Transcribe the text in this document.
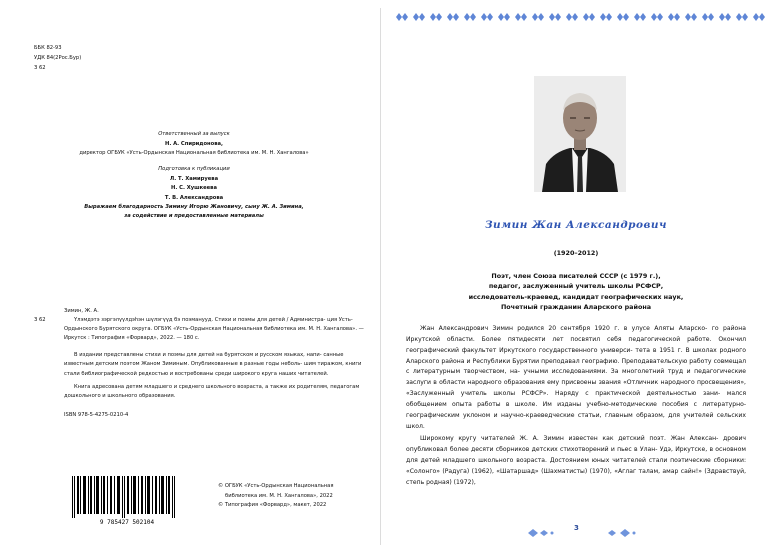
ББК 82-93
УДК 84(2Рос.Бур)
З 62
Ответственный за выпуск
Н. А. Спиридонова,
директор ОГБУК «Усть-Ордынская Национальная библиотека им. М. Н. Хангалова»
Подготовка к публикации
Л. Т. Хамируева
Н. С. Хушкеева
Т. В. Александрова
Выражаем благодарность Зимину Игорю Жановичу, сыну Ж. А. Зимина,
за содействие и предоставленные материалы
Зимин, Ж. А.
З 62	Үлэмдэтэ зэргэлүүлдэһэн шүлэгүүд бэ поэманууд. Стихи и поэмы для детей / Администра- ция Усть-Ордынского Бурятского округа. ОГБУК «Усть-Ордынская Национальная библиотека им. М. Н. Хангалова». — Иркутск : Типография «Форвард», 2022. — 180 с.

В издании представлены стихи и поэмы для детей на бурятском и русском языках, напи- санные известным детским поэтом Жаном Зиминым. Опубликованные в разные годы неболь- шим тиражом, книги стали библиографической редкостью и востребованы среди широкого круга наших читателей.

Книга адресована детям младшего и среднего школьного возраста, а также их родителям, педагогам дошкольного и школьного образования.

ISBN 978-5-4275-0210-4
9 785427 502104
© ОГБУК «Усть-Ордынская Национальная
библиотека им. М. Н. Хангалова», 2022
© Типография «Форвард», макет, 2022
Зимин Жан Александрович
(1920–2012)
Поэт, член Союза писателей СССР (с 1979 г.),
педагог, заслуженный учитель школы РСФСР,
исследователь-краевед, кандидат географических наук,
Почетный гражданин Аларского района

Жан Александрович Зимин родился 20 сентября 1920 г. в улусе Аляты Аларско- го района Иркутской области. Более пятидесяти лет посвятил себя педагогической работе. Окончил географический факультет Иркутского государственного универси- тета в 1951 г. В школах родного Аларского района и Республики Бурятии преподавал географию. Преподавательскую работу совмещал с литературным творчеством, на- учными исследованиями. За многолетний труд и педагогические заслуги в области народного образования ему присвоены звания «Отличник народного просвещения», «Заслуженный учитель школы РСФСР». Наряду с практической деятельностью зани- мался обобщением опыта работы в школе. Им изданы учебно-методические пособия с литературно-географическим уклоном и научно-краеведческие статьи, главным образом, для учителей сельских школ.

Широкому кругу читателей Ж. А. Зимин известен как детский поэт. Жан Алексан- дрович опубликовал более десяти сборников детских стихотворений и пьес в Улан- Удэ, Иркутске, в основном для детей младшего школьного возраста. Достоянием юных читателей стали поэтические сборники: «Солонго» (Радуга) (1962), «Шатаршад» (Шахматисты) (1970), «Аглаг талам, амар сайн!» (Здравствуй, степь родная) (1972),

3
